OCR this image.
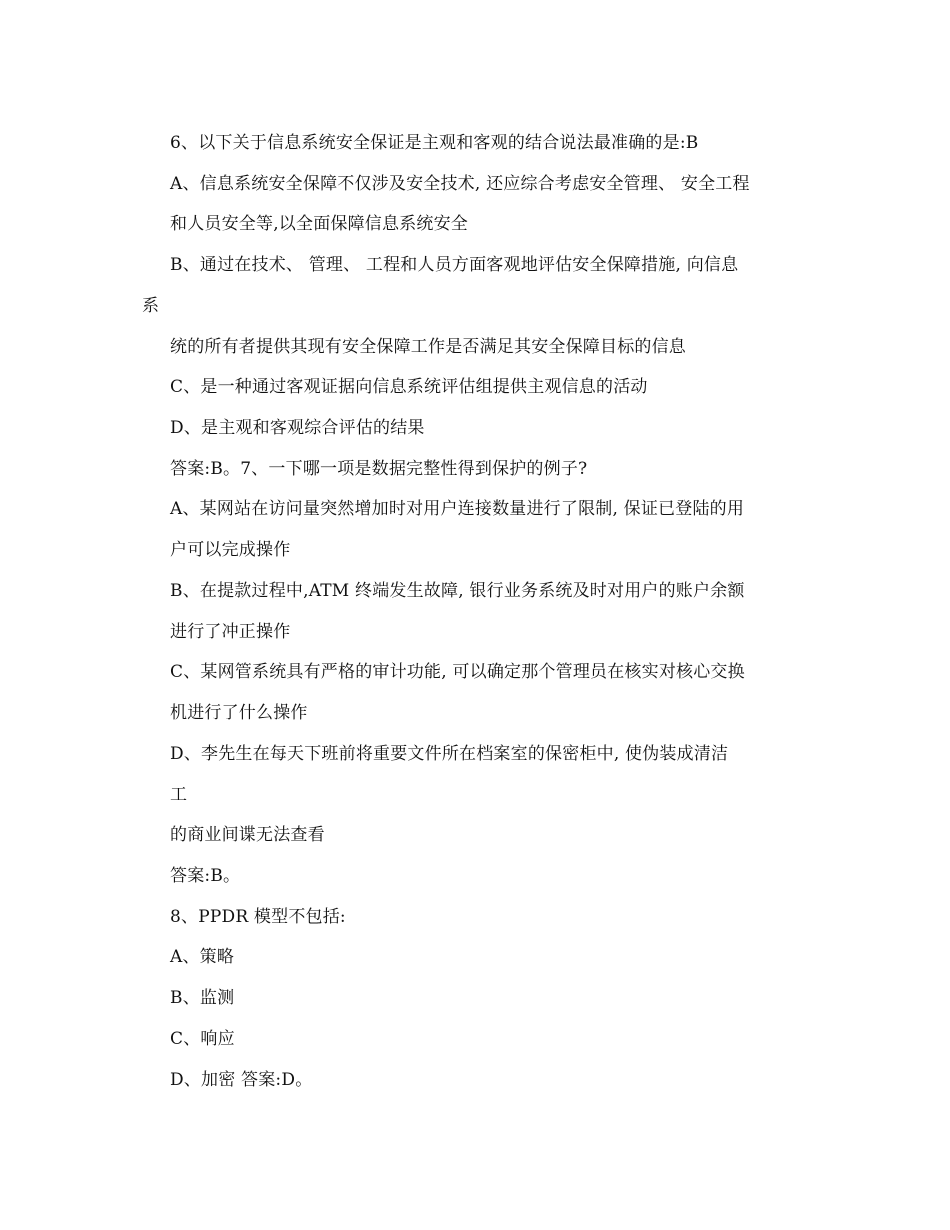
6、以下关于信息系统安全保证是主观和客观的结合说法最准确的是:B
A、信息系统安全保障不仅涉及安全技术, 还应综合考虑安全管理、 安全工程
和人员安全等,以全面保障信息系统安全
B、通过在技术、 管理、 工程和人员方面客观地评估安全保障措施, 向信息
系
统的所有者提供其现有安全保障工作是否满足其安全保障目标的信息
C、是一种通过客观证据向信息系统评估组提供主观信息的活动
D、是主观和客观综合评估的结果
答案:B。7、一下哪一项是数据完整性得到保护的例子?
A、某网站在访问量突然增加时对用户连接数量进行了限制, 保证已登陆的用
户可以完成操作
B、在提款过程中,ATM 终端发生故障, 银行业务系统及时对用户的账户余额
进行了冲正操作
C、某网管系统具有严格的审计功能, 可以确定那个管理员在核实对核心交换
机进行了什么操作
D、李先生在每天下班前将重要文件所在档案室的保密柜中, 使伪装成清洁
工
的商业间谍无法查看
答案:B。
8、PPDR 模型不包括:
A、策略
B、监测
C、响应
D、加密 答案:D。
